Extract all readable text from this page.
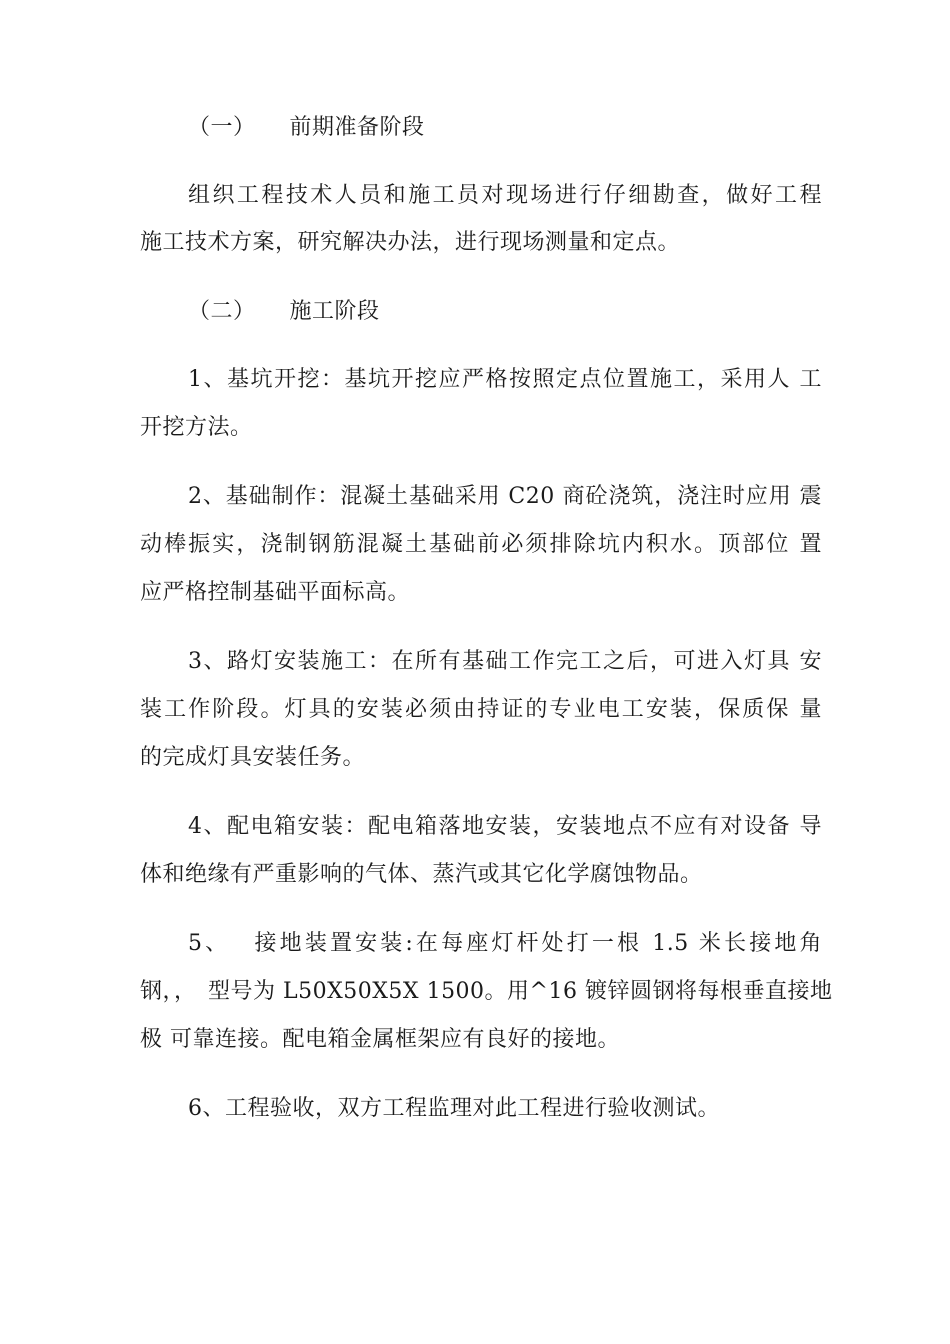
（一）　　前期准备阶段
组织工程技术人员和施工员对现场进行仔细勘查，做好工程
施工技术方案，研究解决办法，进行现场测量和定点。
（二）　　施工阶段
1、基坑开挖：基坑开挖应严格按照定点位置施工，采用人 工
开挖方法。
2、基础制作：混凝土基础采用 C20 商砼浇筑，浇注时应用 震
动棒振实，浇制钢筋混凝土基础前必须排除坑内积水。顶部位 置
应严格控制基础平面标高。
3、路灯安装施工：在所有基础工作完工之后，可进入灯具 安
装工作阶段。灯具的安装必须由持证的专业电工安装，保质保 量
的完成灯具安装任务。
4、配电箱安装：配电箱落地安装，安装地点不应有对设备 导
体和绝缘有严重影响的气体、蒸汽或其它化学腐蚀物品。
5、　 接地装置安装:在每座灯杆处打一根 1.5 米长接地角
钢，，　型号为 L50X50X5X 1500。用^16 镀锌圆钢将每根垂直接地
极 可靠连接。配电箱金属框架应有良好的接地。
6、工程验收，双方工程监理对此工程进行验收测试。
